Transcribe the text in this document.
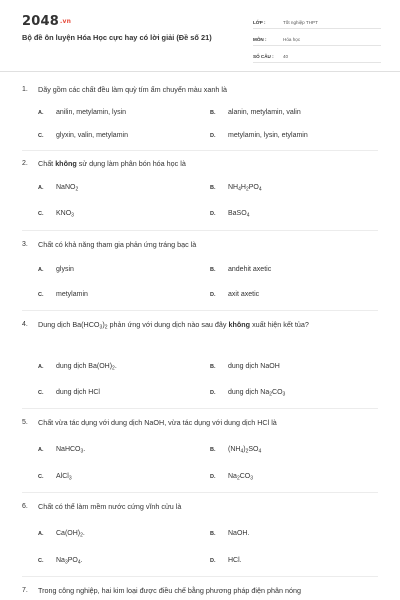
2048.vn
Bộ đề ôn luyện Hóa Học cực hay có lời giải (Đề số 21)
LỚP :	Tốt nghiệp THPT
MÔN :	Hóa học
SỐ CÂU :	40
1.	Dãy gồm các chất đều làm quỳ tím ẩm chuyển màu xanh là
A.	anilin, metylamin, lysin	B.	alanin, metylamin, valin
C.	glyxin, valin, metylamin	D.	metylamin, lysin, etylamin
2.	Chất không sử dụng làm phân bón hóa học là
A.	NaNO$_2$	B.	$NH_4H_2PO_4$
C.	$KNO_3$	D.	BaSO$_4$
3.	Chất có khả năng tham gia phản ứng tráng bạc là
A.	glysin	B.	andehit axetic
C.	metylamin	D.	axit axetic
4.	Dung dịch $Ba(HCO_3)_2$ phản ứng với dung dịch nào sau đây không xuất hiện kết tủa?
A.	dung dịch $Ba(OH)_2$.	B.	dung dịch NaOH
C.	dung dịch HCl	D.	dung dịch $Na_2CO_3$
5.	Chất vừa tác dụng với dung dịch NaOH, vừa tác dụng với dung dịch HCl là
A.	NaHCO$_3$.	B.	$(NH_4)_2SO_4$
C.	AlCl$_3$	D.	$Na_2CO_3$
6.	Chất có thể làm mềm nước cứng vĩnh cửu là
A.	$Ca(OH)_2$.	B.	NaOH.
C.	$Na_3PO_4$.	D.	HCl.
7.	Trong công nghiệp, hai kim loại được điều chế bằng phương pháp điện phân nóng
